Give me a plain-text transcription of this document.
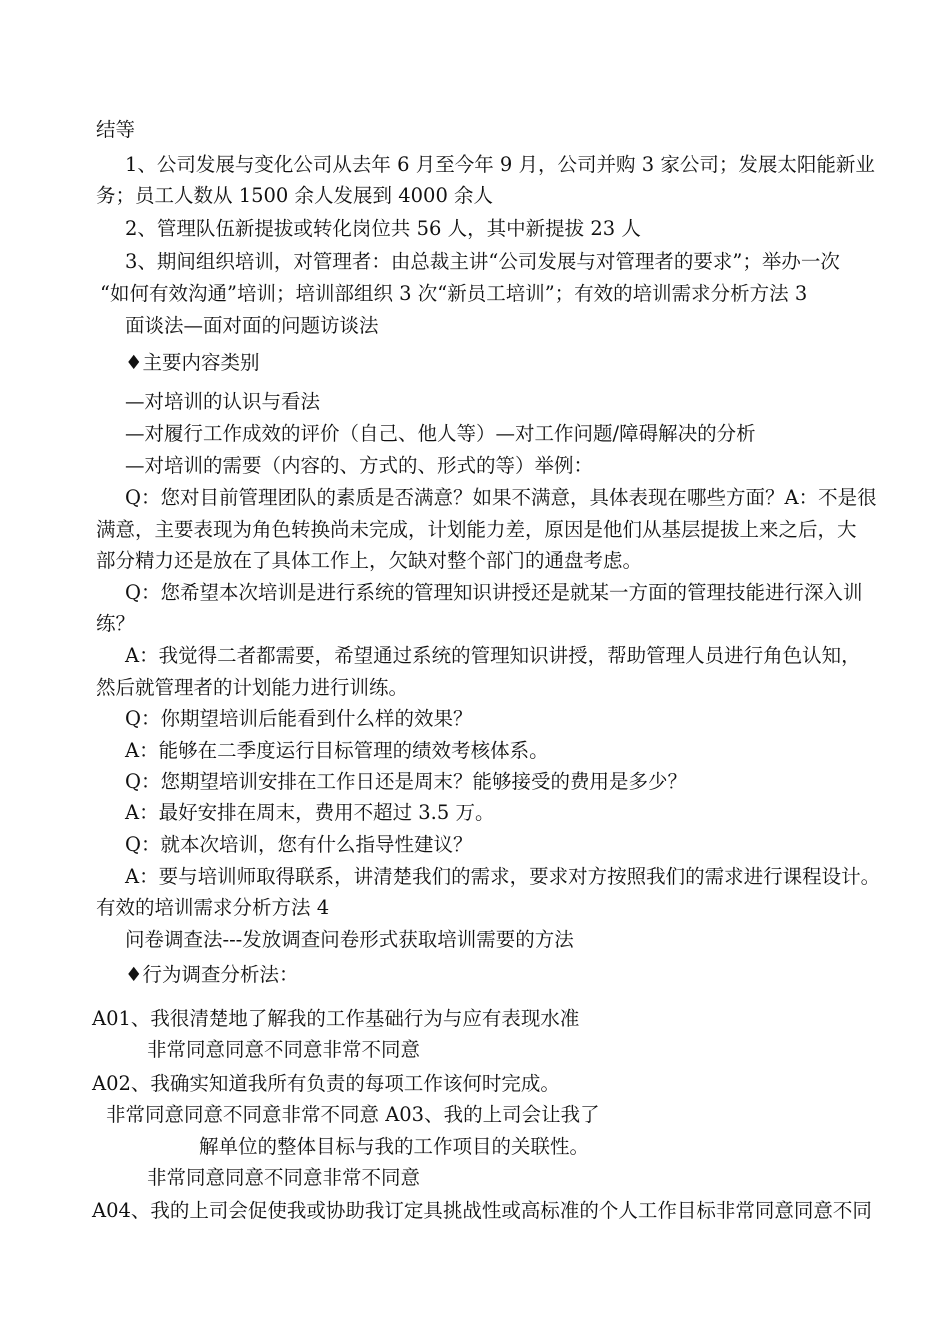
结等
1、公司发展与变化公司从去年 6 月至今年 9 月，公司并购 3 家公司；发展太阳能新业
务；员工人数从 1500 余人发展到 4000 余人
2、管理队伍新提拔或转化岗位共 56 人，其中新提拔 23 人
3、期间组织培训，对管理者：由总裁主讲“公司发展与对管理者的要求”；举办一次
“如何有效沟通”培训；培训部组织 3 次“新员工培训”；有效的培训需求分析方法 3
面谈法—面对面的问题访谈法
♦主要内容类别
—对培训的认识与看法
—对履行工作成效的评价（自己、他人等）—对工作问题/障碍解决的分析
—对培训的需要（内容的、方式的、形式的等）举例：
Q：您对目前管理团队的素质是否满意？如果不满意，具体表现在哪些方面？A：不是很
满意，主要表现为角色转换尚未完成，计划能力差，原因是他们从基层提拔上来之后，大
部分精力还是放在了具体工作上，欠缺对整个部门的通盘考虑。
Q：您希望本次培训是进行系统的管理知识讲授还是就某一方面的管理技能进行深入训
练？
A：我觉得二者都需要，希望通过系统的管理知识讲授，帮助管理人员进行角色认知，
然后就管理者的计划能力进行训练。
Q：你期望培训后能看到什么样的效果？
A：能够在二季度运行目标管理的绩效考核体系。
Q：您期望培训安排在工作日还是周末？能够接受的费用是多少？
A：最好安排在周末，费用不超过 3.5 万。
Q：就本次培训，您有什么指导性建议？
A：要与培训师取得联系，讲清楚我们的需求，要求对方按照我们的需求进行课程设计。
有效的培训需求分析方法 4
问卷调查法---发放调查问卷形式获取培训需要的方法
♦行为调查分析法：
A01、我很清楚地了解我的工作基础行为与应有表现水准
非常同意同意不同意非常不同意
A02、我确实知道我所有负责的每项工作该何时完成。
非常同意同意不同意非常不同意 A03、我的上司会让我了
解单位的整体目标与我的工作项目的关联性。
非常同意同意不同意非常不同意
A04、我的上司会促使我或协助我订定具挑战性或高标准的个人工作目标非常同意同意不同
